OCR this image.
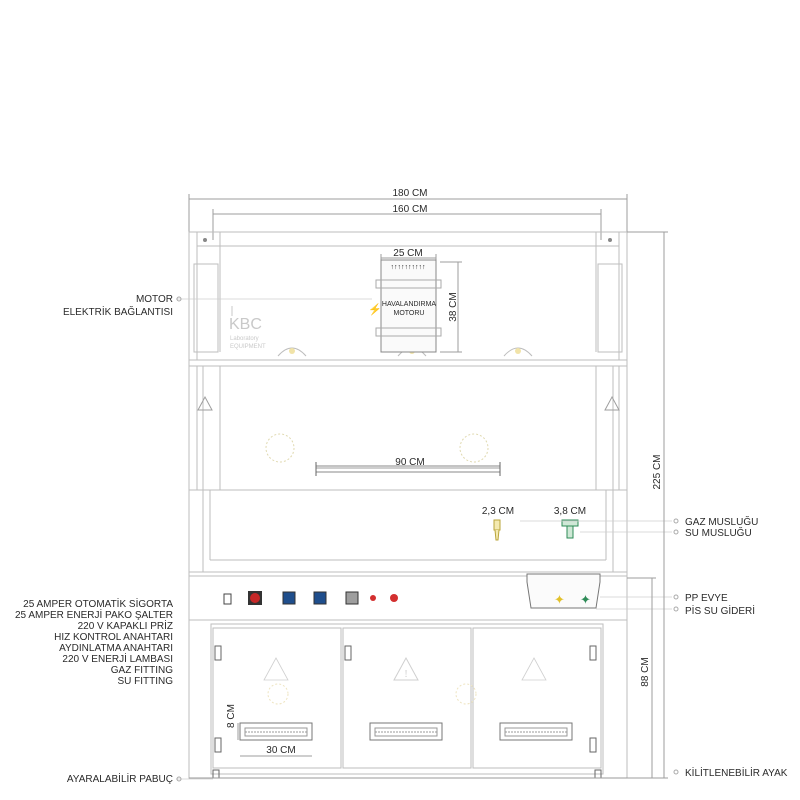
180 CM
160 CM
KBC
Laboratory
EQUIPMENT
25 CM
↑↑↑↑↑↑↑↑↑↑
HAVALANDIRMA
MOTORU 38 CM
⚡
90 CM
2,3 CM	3,8 CM
✦ ✦
!
8 CM
30 CM
225 CM
88 CM
MOTOR
ELEKTRİK BAĞLANTISI
25 AMPER OTOMATİK SİGORTA
25 AMPER ENERJİ PAKO ŞALTER
220 V KAPAKLI PRİZ
HIZ KONTROL ANAHTARI
AYDINLATMA ANAHTARI
220 V ENERJİ LAMBASI
GAZ FITTING
SU FITTING
AYARALABİLİR PABUÇ
GAZ MUSLUĞU
SU MUSLUĞU
PP EVYE
PİS SU GİDERİ
KİLİTLENEBİLİR AYAK
